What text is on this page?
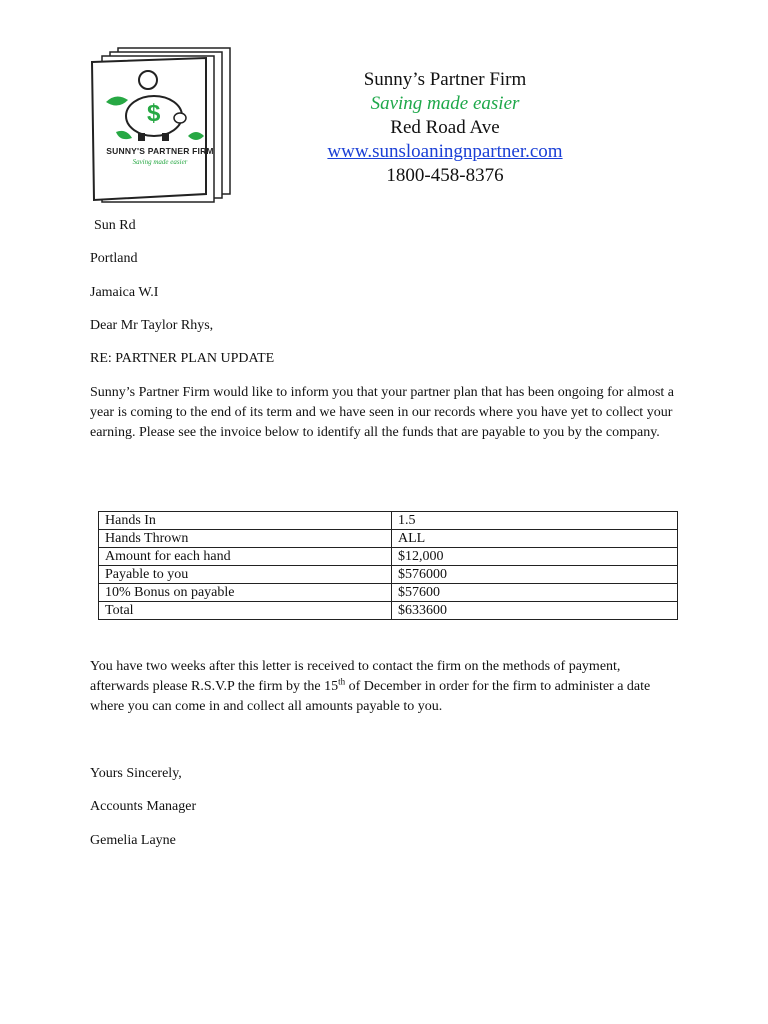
$
SUNNY'S PARTNER FIRM
Saving made easier
Sunny’s Partner Firm
Saving made easier
Red Road Ave
www.sunsloaningnpartner.com
1800-458-8376
Sun Rd
Portland
Jamaica W.I
Dear Mr Taylor Rhys,
RE: PARTNER PLAN UPDATE
Sunny’s Partner Firm would like to inform you that your partner plan that has been ongoing for almost a year is coming to the end of its term and we have seen in our records where you have yet to collect your earning. Please see the invoice below to identify all the funds that are payable to you by the company.
Hands In	1.5
Hands Thrown	ALL
Amount for each hand	$12,000
Payable to you	$576000
10% Bonus on payable	$57600
Total	$633600
You have two weeks after this letter is received to contact the firm on the methods of payment, afterwards please R.S.V.P the firm by the 15th of December in order for the firm to administer a date where you can come in and collect all amounts payable to you.
Yours Sincerely,
Accounts Manager
Gemelia Layne
